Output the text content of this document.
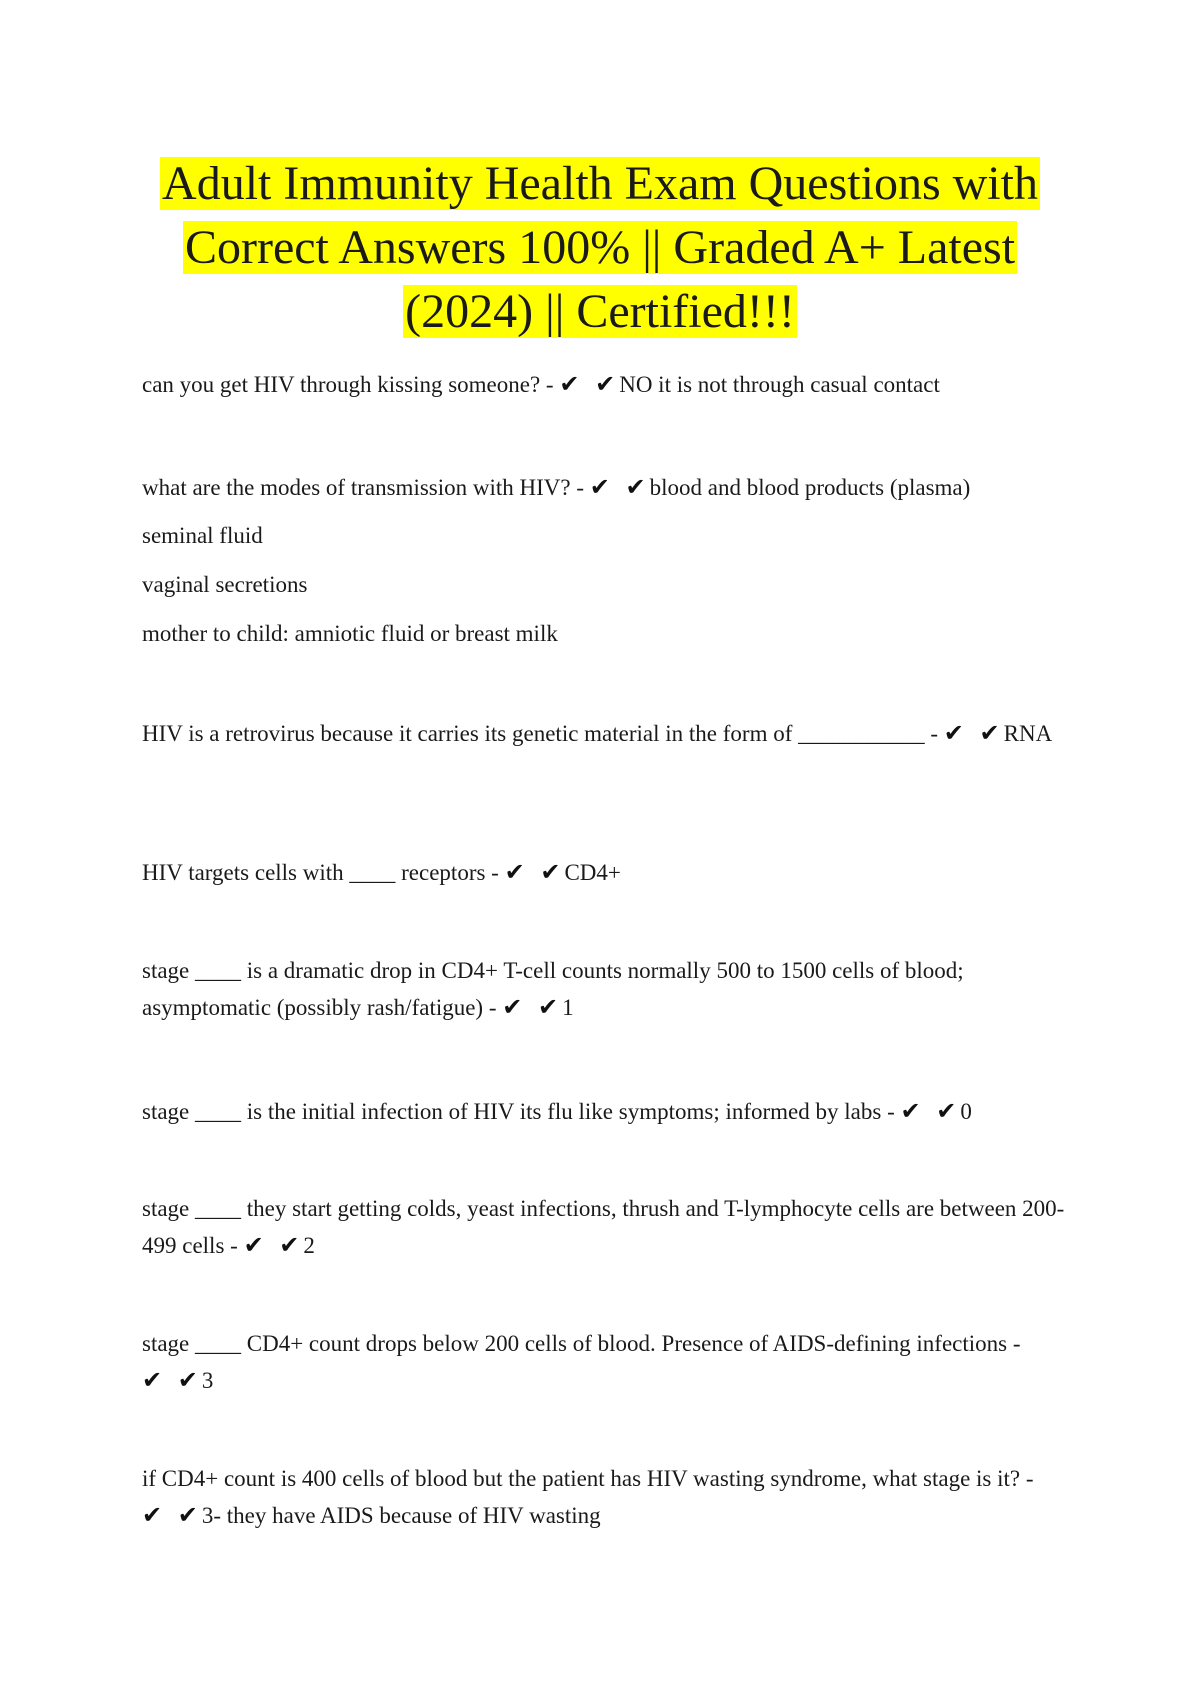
Adult Immunity Health Exam Questions with
Correct Answers 100% || Graded A+ Latest
(2024) || Certified!!!

can you get HIV through kissing someone? - ✔ ✔NO it is not through casual contact

what are the modes of transmission with HIV? - ✔ ✔blood and blood products (plasma)

seminal fluid

vaginal secretions

mother to child: amniotic fluid or breast milk

HIV is a retrovirus because it carries its genetic material in the form of ___________ - ✔ ✔RNA

HIV targets cells with ____ receptors - ✔ ✔CD4+

stage ____ is a dramatic drop in CD4+ T-cell counts normally 500 to 1500 cells of blood; asymptomatic (possibly rash/fatigue) - ✔ ✔1

stage ____ is the initial infection of HIV its flu like symptoms; informed by labs - ✔ ✔0

stage ____ they start getting colds, yeast infections, thrush and T-lymphocyte cells are between 200-499 cells - ✔ ✔2

stage ____ CD4+ count drops below 200 cells of blood. Presence of AIDS-defining infections - ✔ ✔3

if CD4+ count is 400 cells of blood but the patient has HIV wasting syndrome, what stage is it? - ✔ ✔3- they have AIDS because of HIV wasting
